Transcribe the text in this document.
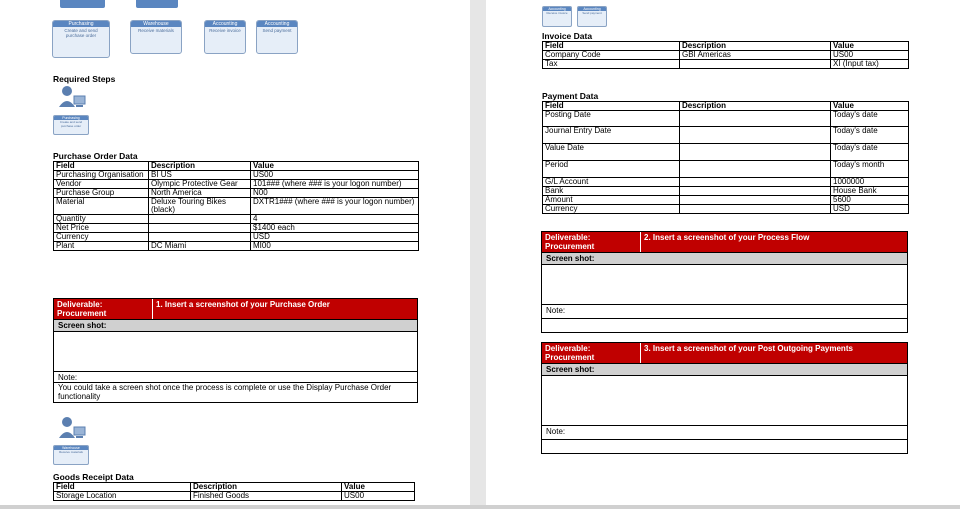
Purchasing
Create and send purchase order
Warehouse
Receive materials
Accounting
Receive invoice
Accounting
Send payment
Required Steps
Purchasing
Create and send purchase order
Purchase Order Data
Field	Description	Value
Purchasing Organisation	BI US	US00
Vendor	Olympic Protective Gear	101### (where ### is your logon number)
Purchase Group	North America	N00
Material	Deluxe Touring Bikes (black)	DXTR1### (where ### is your logon number)
Quantity		4
Net Price		$1400 each
Currency		USD
Plant	DC Miami	MI00
Deliverable: Procurement
1. Insert a screenshot of your Purchase Order
Screen shot:
Note:
You could take a screen shot once the process is complete or use the Display Purchase Order functionality
Warehouse
Receive materials
Goods Receipt Data
Field	Description	Value
Storage Location	Finished Goods	US00
Accounting
Receive invoice
Accounting
Send payment
Invoice Data
Field	Description	Value
Company Code	GBI Americas	US00
Tax		XI (Input tax)
Payment Data
Field	Description	Value
Posting Date		Today's date
Journal Entry Date		Today's date
Value Date		Today's date
Period		Today's month
G/L Account		1000000
Bank		House Bank
Amount		5600
Currency		USD
Deliverable: Procurement
2. Insert a screenshot of your Process Flow
Screen shot:
Note:
Deliverable: Procurement
3. Insert a screenshot of your Post Outgoing Payments
Screen shot:
Note:
